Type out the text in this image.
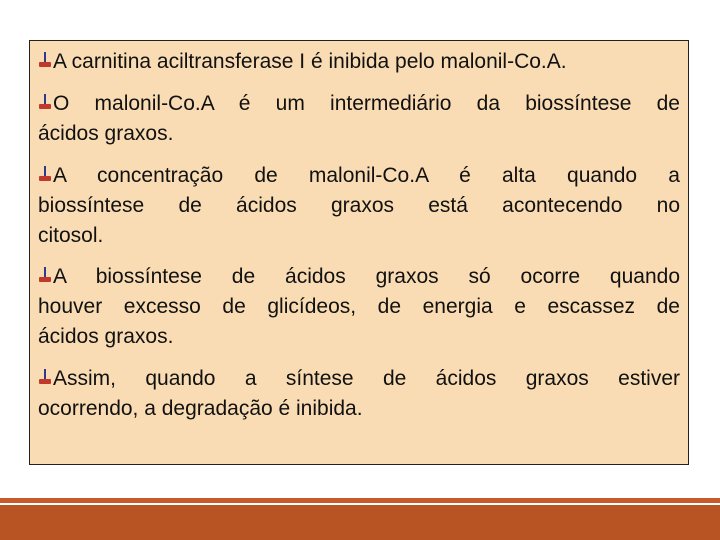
A carnitina aciltransferase I é inibida pelo malonil-Co.A.
O malonil-Co.A é um intermediário da biossíntese de
ácidos graxos.
A concentração de malonil-Co.A é alta quando a
biossíntese de ácidos graxos está acontecendo no
citosol.
A biossíntese de ácidos graxos só ocorre quando
houver excesso de glicídeos, de energia e escassez de
ácidos graxos.
Assim, quando a síntese de ácidos graxos estiver
ocorrendo, a degradação é inibida.
